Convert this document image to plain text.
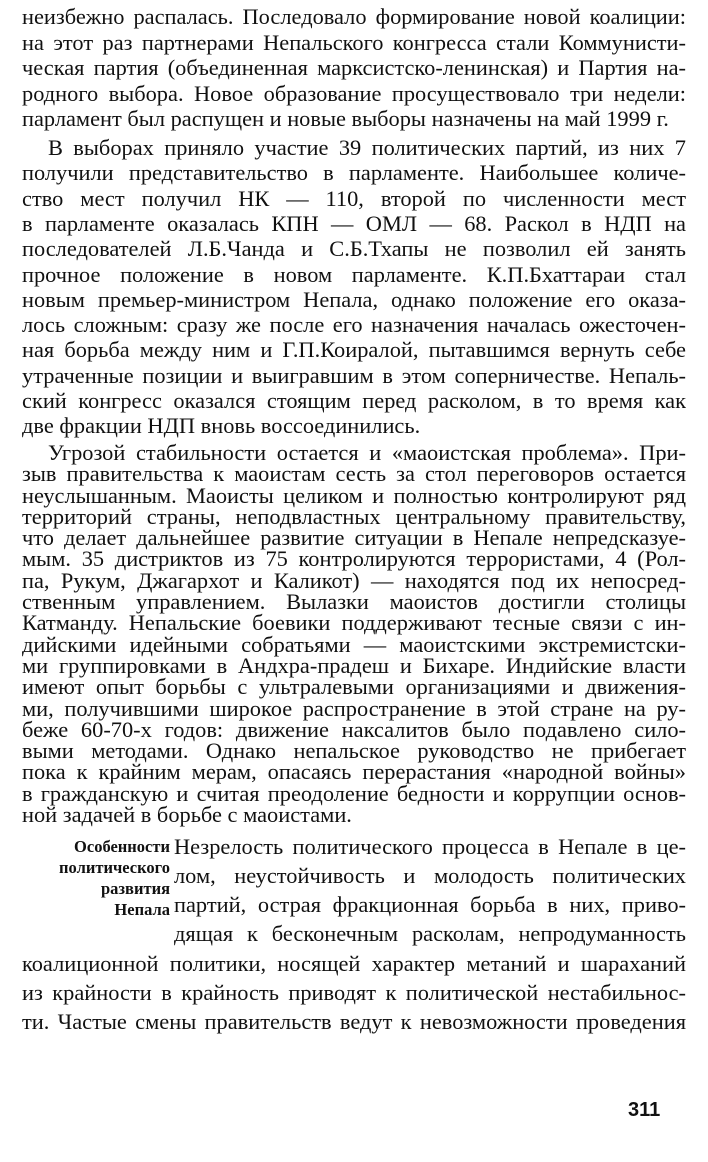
неизбежно распалась. Последовало формирование новой коалиции:
на этот раз партнерами Непальского конгресса стали Коммунисти-
ческая партия (объединенная марксистско-ленинская) и Партия на-
родного выбора. Новое образование просуществовало три недели:
парламент был распущен и новые выборы назначены на май 1999 г.
В выборах приняло участие 39 политических партий, из них 7
получили представительство в парламенте. Наибольшее количе-
ство мест получил НК — 110, второй по численности мест
в парламенте оказалась КПН — ОМЛ — 68. Раскол в НДП на
последователей Л.Б.Чанда и С.Б.Тхапы не позволил ей занять
прочное положение в новом парламенте. К.П.Бхаттараи стал
новым премьер-министром Непала, однако положение его оказа-
лось сложным: сразу же после его назначения началась ожесточен-
ная борьба между ним и Г.П.Коиралой, пытавшимся вернуть себе
утраченные позиции и выигравшим в этом соперничестве. Непаль-
ский конгресс оказался стоящим перед расколом, в то время как
две фракции НДП вновь воссоединились.
Угрозой стабильности остается и «маоистская проблема». При-
зыв правительства к маоистам сесть за стол переговоров остается
неуслышанным. Маоисты целиком и полностью контролируют ряд
территорий страны, неподвластных центральному правительству,
что делает дальнейшее развитие ситуации в Непале непредсказуе-
мым. 35 дистриктов из 75 контролируются террористами, 4 (Рол-
па, Рукум, Джагархот и Каликот) — находятся под их непосред-
ственным управлением. Вылазки маоистов достигли столицы
Катманду. Непальские боевики поддерживают тесные связи с ин-
дийскими идейными собратьями — маоистскими экстремистски-
ми группировками в Андхра-прадеш и Бихаре. Индийские власти
имеют опыт борьбы с ультралевыми организациями и движения-
ми, получившими широкое распространение в этой стране на ру-
беже 60-70-х годов: движение наксалитов было подавлено сило-
выми методами. Однако непальское руководство не прибегает
пока к крайним мерам, опасаясь перерастания «народной войны»
в гражданскую и считая преодоление бедности и коррупции основ-
ной задачей в борьбе с маоистами.
Особенности
политического
развития
Непала
Незрелость политического процесса в Непале в це-
лом, неустойчивость и молодость политических
партий, острая фракционная борьба в них, приво-
дящая к бесконечным расколам, непродуманность
коалиционной политики, носящей характер метаний и шараханий
из крайности в крайность приводят к политической нестабильнос-
ти. Частые смены правительств ведут к невозможности проведения
311
